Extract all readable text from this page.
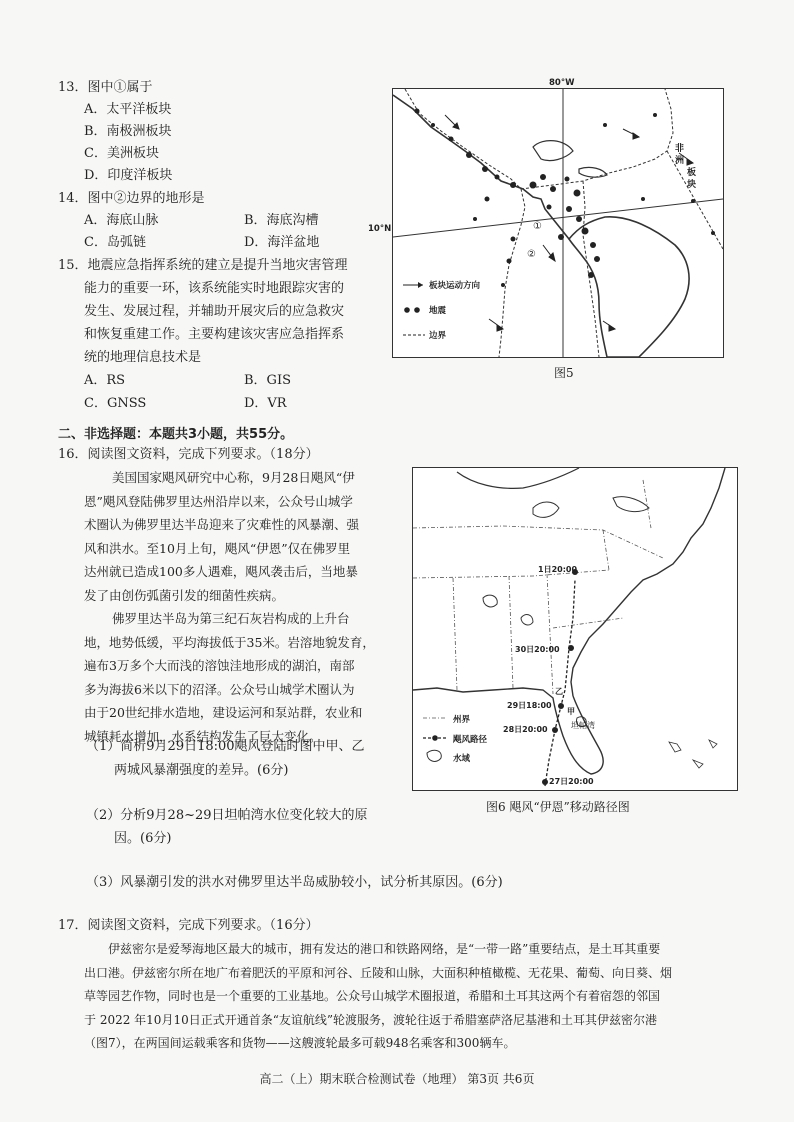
13．图中①属于
A．太平洋板块
B．南极洲板块
C．美洲板块
D．印度洋板块
14．图中②边界的地形是
A．海底山脉	B．海底沟槽
C．岛弧链	D．海洋盆地
15．地震应急指挥系统的建立是提升当地灾害管理
能力的重要一环，该系统能实时地跟踪灾害的
发生、发展过程，并辅助开展灾后的应急救灾
和恢复重建工作。主要构建该灾害应急指挥系
统的地理信息技术是
A．RS	B．GIS
C．GNSS	D．VR
80°W
非
洲
板
块
①
②
板块运动方向
地震
边界
10°N
图5
二、非选择题：本题共3小题，共55分。
16．阅读图文资料，完成下列要求。（18分）
美国国家飓风研究中心称，9月28日飓风“伊
恩”飓风登陆佛罗里达州沿岸以来，公众号山城学
术圈认为佛罗里达半岛迎来了灾难性的风暴潮、强
风和洪水。至10月上旬，飓风“伊恩”仅在佛罗里
达州就已造成100多人遇难，飓风袭击后，当地暴
发了由创伤弧菌引发的细菌性疾病。
佛罗里达半岛为第三纪石灰岩构成的上升台
地，地势低缓，平均海拔低于35米。岩溶地貌发育，
遍布3万多个大而浅的溶蚀洼地形成的湖泊，南部
多为海拔6米以下的沼泽。公众号山城学术圈认为
由于20世纪排水造地，建设运河和泵站群，农业和
城镇耗水增加，水系结构发生了巨大变化。
（1）简析9月29日18:00飓风登陆时图中甲、乙
两城风暴潮强度的差异。(6分)
（2）分析9月28~29日坦帕湾水位变化较大的原
因。(6分)
（3）风暴潮引发的洪水对佛罗里达半岛威胁较小，试分析其原因。(6分)
1日20:00
30日20:00
29日18:00
28日20:00
27日20:00
乙
甲
坦帕湾
州界
飓风路径
水域
图6 飓风“伊恩”移动路径图
17．阅读图文资料，完成下列要求。（16分）
伊兹密尔是爱琴海地区最大的城市，拥有发达的港口和铁路网络，是“一带一路”重要结点，是土耳其重要
出口港。伊兹密尔所在地广布着肥沃的平原和河谷、丘陵和山脉，大面积种植橄榄、无花果、葡萄、向日葵、烟
草等园艺作物，同时也是一个重要的工业基地。公众号山城学术圈报道，希腊和土耳其这两个有着宿怨的邻国
于 2022 年10月10日正式开通首条“友谊航线”轮渡服务，渡轮往返于希腊塞萨洛尼基港和土耳其伊兹密尔港
（图7），在两国间运载乘客和货物——这艘渡轮最多可载948名乘客和300辆车。
高二（上）期末联合检测试卷（地理） 第3页 共6页
